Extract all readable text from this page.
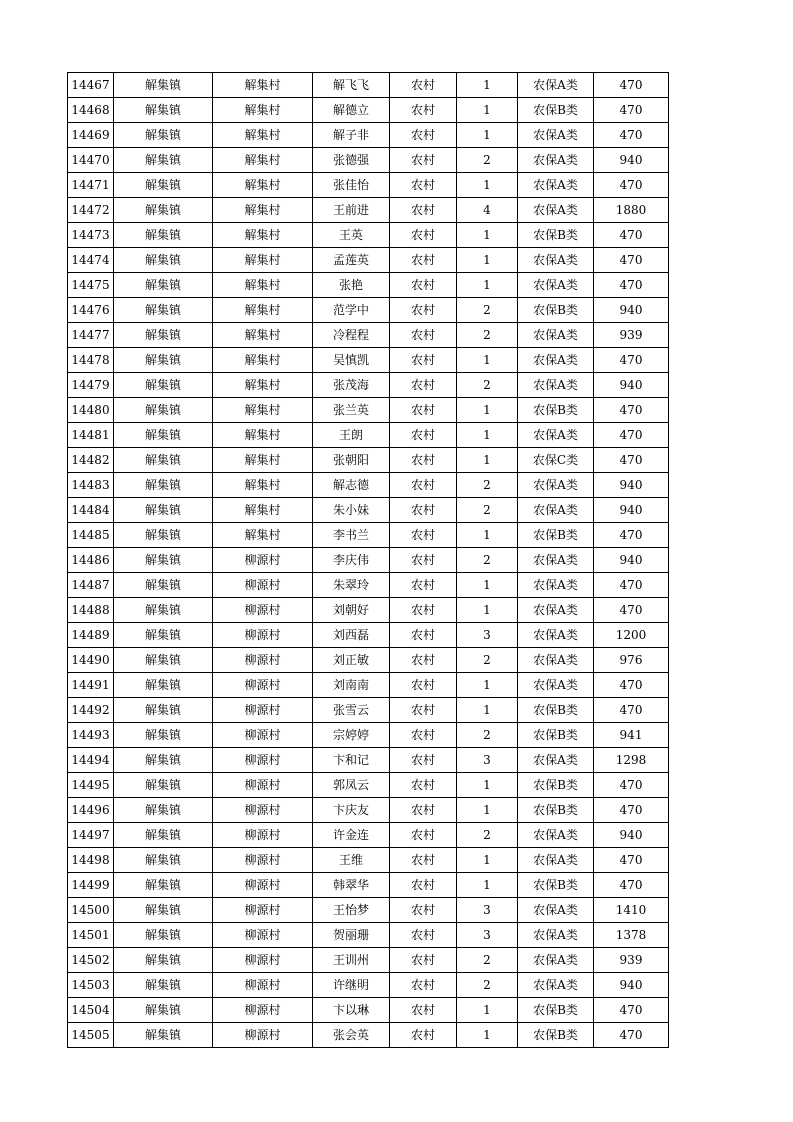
14467	解集镇	解集村	解飞飞	农村	1	农保A类	470
14468	解集镇	解集村	解德立	农村	1	农保B类	470
14469	解集镇	解集村	解子非	农村	1	农保A类	470
14470	解集镇	解集村	张德强	农村	2	农保A类	940
14471	解集镇	解集村	张佳怡	农村	1	农保A类	470
14472	解集镇	解集村	王前进	农村	4	农保A类	1880
14473	解集镇	解集村	王英	农村	1	农保B类	470
14474	解集镇	解集村	孟莲英	农村	1	农保A类	470
14475	解集镇	解集村	张艳	农村	1	农保A类	470
14476	解集镇	解集村	范学中	农村	2	农保B类	940
14477	解集镇	解集村	冷程程	农村	2	农保A类	939
14478	解集镇	解集村	吴慎凯	农村	1	农保A类	470
14479	解集镇	解集村	张茂海	农村	2	农保A类	940
14480	解集镇	解集村	张兰英	农村	1	农保B类	470
14481	解集镇	解集村	王朗	农村	1	农保A类	470
14482	解集镇	解集村	张朝阳	农村	1	农保C类	470
14483	解集镇	解集村	解志德	农村	2	农保A类	940
14484	解集镇	解集村	朱小妹	农村	2	农保A类	940
14485	解集镇	解集村	李书兰	农村	1	农保B类	470
14486	解集镇	柳源村	李庆伟	农村	2	农保A类	940
14487	解集镇	柳源村	朱翠玲	农村	1	农保A类	470
14488	解集镇	柳源村	刘朝好	农村	1	农保A类	470
14489	解集镇	柳源村	刘西磊	农村	3	农保A类	1200
14490	解集镇	柳源村	刘正敏	农村	2	农保A类	976
14491	解集镇	柳源村	刘南南	农村	1	农保A类	470
14492	解集镇	柳源村	张雪云	农村	1	农保B类	470
14493	解集镇	柳源村	宗婷婷	农村	2	农保B类	941
14494	解集镇	柳源村	卞和记	农村	3	农保A类	1298
14495	解集镇	柳源村	郭凤云	农村	1	农保B类	470
14496	解集镇	柳源村	卞庆友	农村	1	农保B类	470
14497	解集镇	柳源村	许金连	农村	2	农保A类	940
14498	解集镇	柳源村	王维	农村	1	农保A类	470
14499	解集镇	柳源村	韩翠华	农村	1	农保B类	470
14500	解集镇	柳源村	王怡梦	农村	3	农保A类	1410
14501	解集镇	柳源村	贺丽珊	农村	3	农保A类	1378
14502	解集镇	柳源村	王训州	农村	2	农保A类	939
14503	解集镇	柳源村	许继明	农村	2	农保A类	940
14504	解集镇	柳源村	卞以琳	农村	1	农保B类	470
14505	解集镇	柳源村	张会英	农村	1	农保B类	470
